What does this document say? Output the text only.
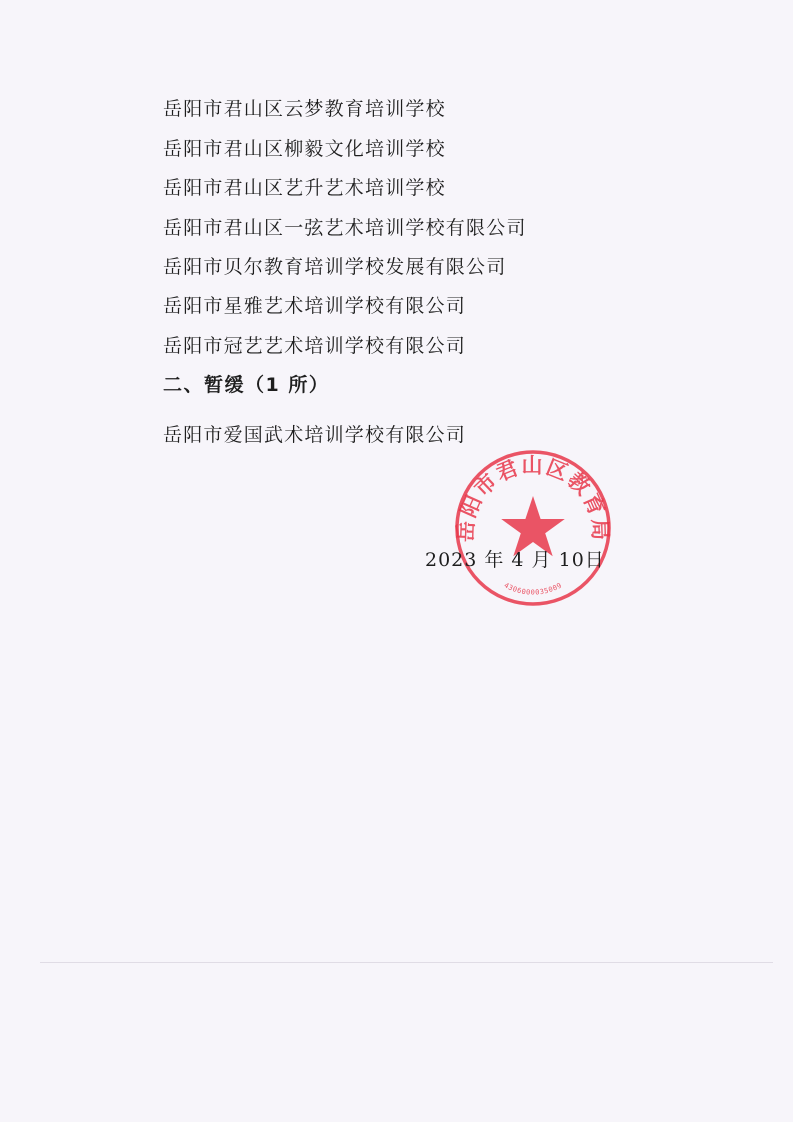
岳阳市君山区云梦教育培训学校
岳阳市君山区柳毅文化培训学校
岳阳市君山区艺升艺术培训学校
岳阳市君山区一弦艺术培训学校有限公司
岳阳市贝尔教育培训学校发展有限公司
岳阳市星雅艺术培训学校有限公司
岳阳市冠艺艺术培训学校有限公司
二、暂缓（1 所）
岳阳市爱国武术培训学校有限公司
岳阳市君山区教育局
4306000035009
2023 年 4 月 10日
